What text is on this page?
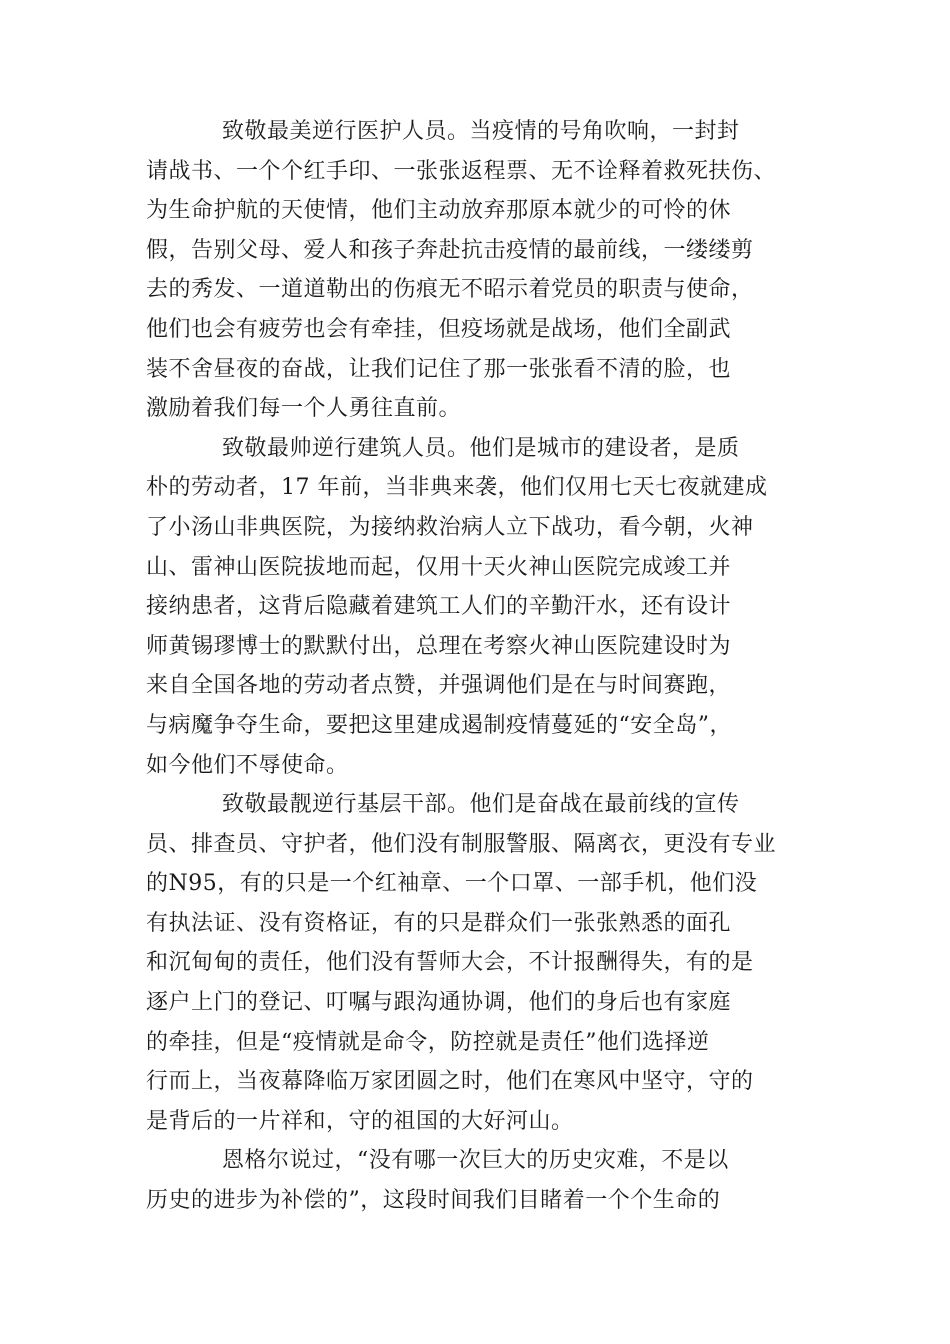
致敬最美逆行医护人员。当疫情的号角吹响，一封封
请战书、一个个红手印、一张张返程票、无不诠释着救死扶伤、
为生命护航的天使情，他们主动放弃那原本就少的可怜的休
假，告别父母、爱人和孩子奔赴抗击疫情的最前线，一缕缕剪
去的秀发、一道道勒出的伤痕无不昭示着党员的职责与使命，
他们也会有疲劳也会有牵挂，但疫场就是战场，他们全副武
装不舍昼夜的奋战，让我们记住了那一张张看不清的脸，也
激励着我们每一个人勇往直前。
致敬最帅逆行建筑人员。他们是城市的建设者，是质
朴的劳动者，17 年前，当非典来袭，他们仅用七天七夜就建成
了小汤山非典医院，为接纳救治病人立下战功，看今朝，火神
山、雷神山医院拔地而起，仅用十天火神山医院完成竣工并
接纳患者，这背后隐藏着建筑工人们的辛勤汗水，还有设计
师黄锡璆博士的默默付出，总理在考察火神山医院建设时为
来自全国各地的劳动者点赞，并强调他们是在与时间赛跑，
与病魔争夺生命，要把这里建成遏制疫情蔓延的“安全岛”，
如今他们不辱使命。
致敬最靓逆行基层干部。他们是奋战在最前线的宣传
员、排查员、守护者，他们没有制服警服、隔离衣，更没有专业
的N95，有的只是一个红袖章、一个口罩、一部手机，他们没
有执法证、没有资格证，有的只是群众们一张张熟悉的面孔
和沉甸甸的责任，他们没有誓师大会，不计报酬得失，有的是
逐户上门的登记、叮嘱与跟沟通协调，他们的身后也有家庭
的牵挂，但是“疫情就是命令，防控就是责任”他们选择逆
行而上，当夜幕降临万家团圆之时，他们在寒风中坚守，守的
是背后的一片祥和，守的祖国的大好河山。
恩格尔说过，“没有哪一次巨大的历史灾难，不是以
历史的进步为补偿的”，这段时间我们目睹着一个个生命的
